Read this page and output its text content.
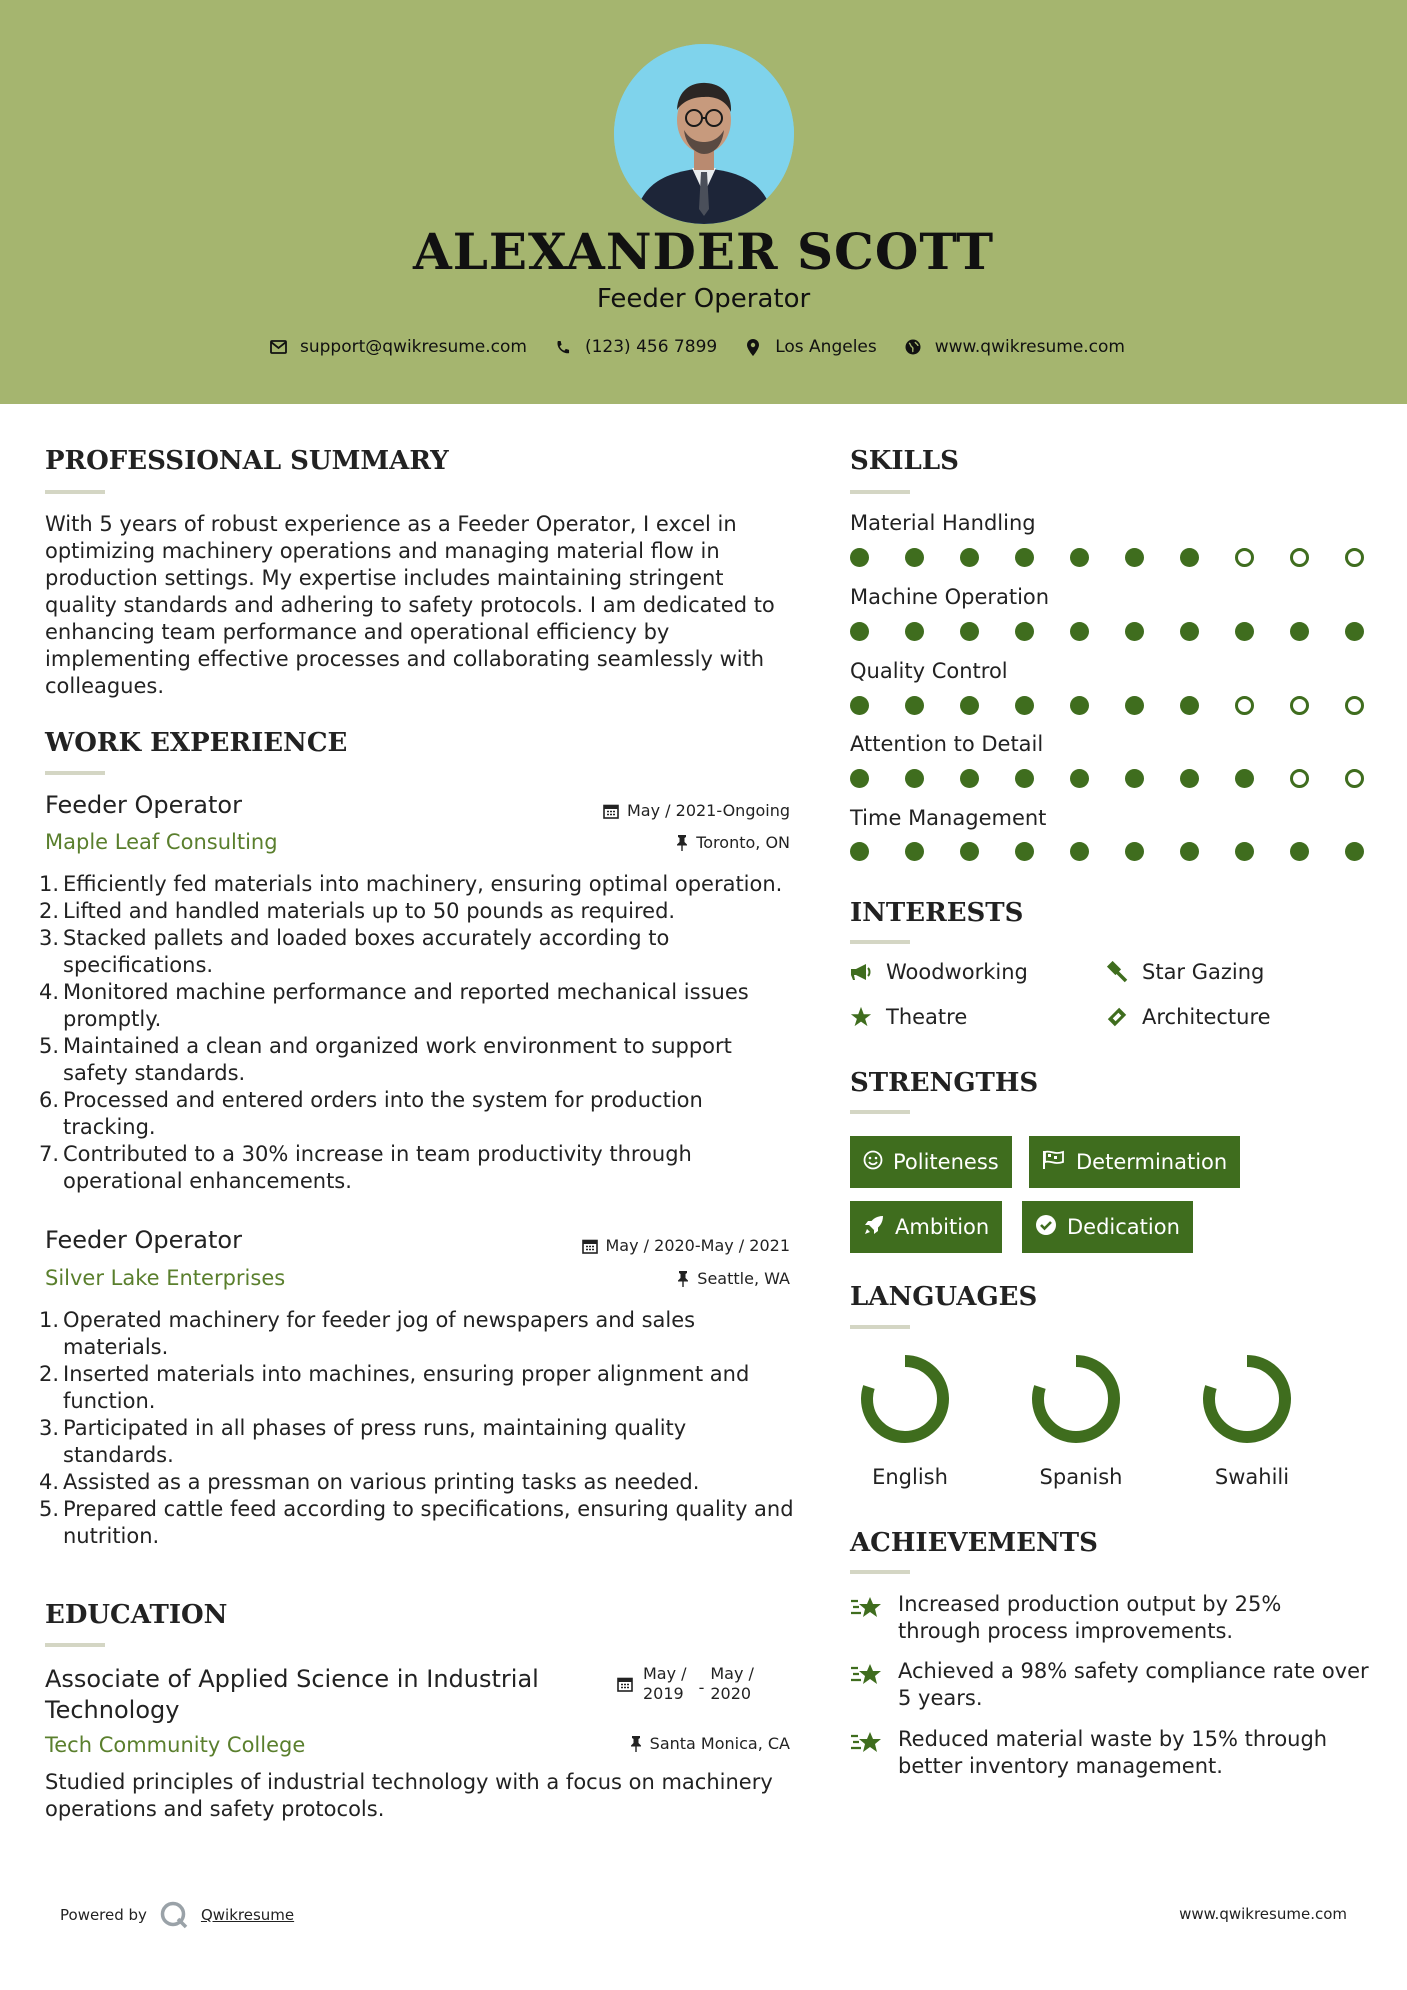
ALEXANDER SCOTT
Feeder Operator
support@qwikresume.com	(123) 456 7899	Los Angeles	www.qwikresume.com
PROFESSIONAL SUMMARY
With 5 years of robust experience as a Feeder Operator, I excel in optimizing machinery operations and managing material flow in production settings. My expertise includes maintaining stringent quality standards and adhering to safety protocols. I am dedicated to enhancing team performance and operational efficiency by implementing effective processes and collaborating seamlessly with colleagues.
WORK EXPERIENCE
Feeder Operator	May / 2021-Ongoing
Maple Leaf Consulting	Toronto, ON
1. Efficiently fed materials into machinery, ensuring optimal operation.
2. Lifted and handled materials up to 50 pounds as required.
3. Stacked pallets and loaded boxes accurately according to specifications.
4. Monitored machine performance and reported mechanical issues promptly.
5. Maintained a clean and organized work environment to support safety standards.
6. Processed and entered orders into the system for production tracking.
7. Contributed to a 30% increase in team productivity through operational enhancements.
Feeder Operator	May / 2020-May / 2021
Silver Lake Enterprises	Seattle, WA
1. Operated machinery for feeder jog of newspapers and sales materials.
2. Inserted materials into machines, ensuring proper alignment and function.
3. Participated in all phases of press runs, maintaining quality standards.
4. Assisted as a pressman on various printing tasks as needed.
5. Prepared cattle feed according to specifications, ensuring quality and nutrition.
EDUCATION
Associate of Applied Science in Industrial
Technology
May /
2019 -
May /
2020
Tech Community College	Santa Monica, CA
Studied principles of industrial technology with a focus on machinery operations and safety protocols.
SKILLS
Material Handling
Machine Operation
Quality Control
Attention to Detail
Time Management
INTERESTS
Woodworking	Star Gazing
Theatre	Architecture
STRENGTHS
Politeness	Determination
Ambition	Dedication
LANGUAGES
English	Spanish	Swahili
ACHIEVEMENTS
Increased production output by 25% through process improvements.
Achieved a 98% safety compliance rate over 5 years.
Reduced material waste by 15% through better inventory management.
Powered by	Qwikresume	www.qwikresume.com
